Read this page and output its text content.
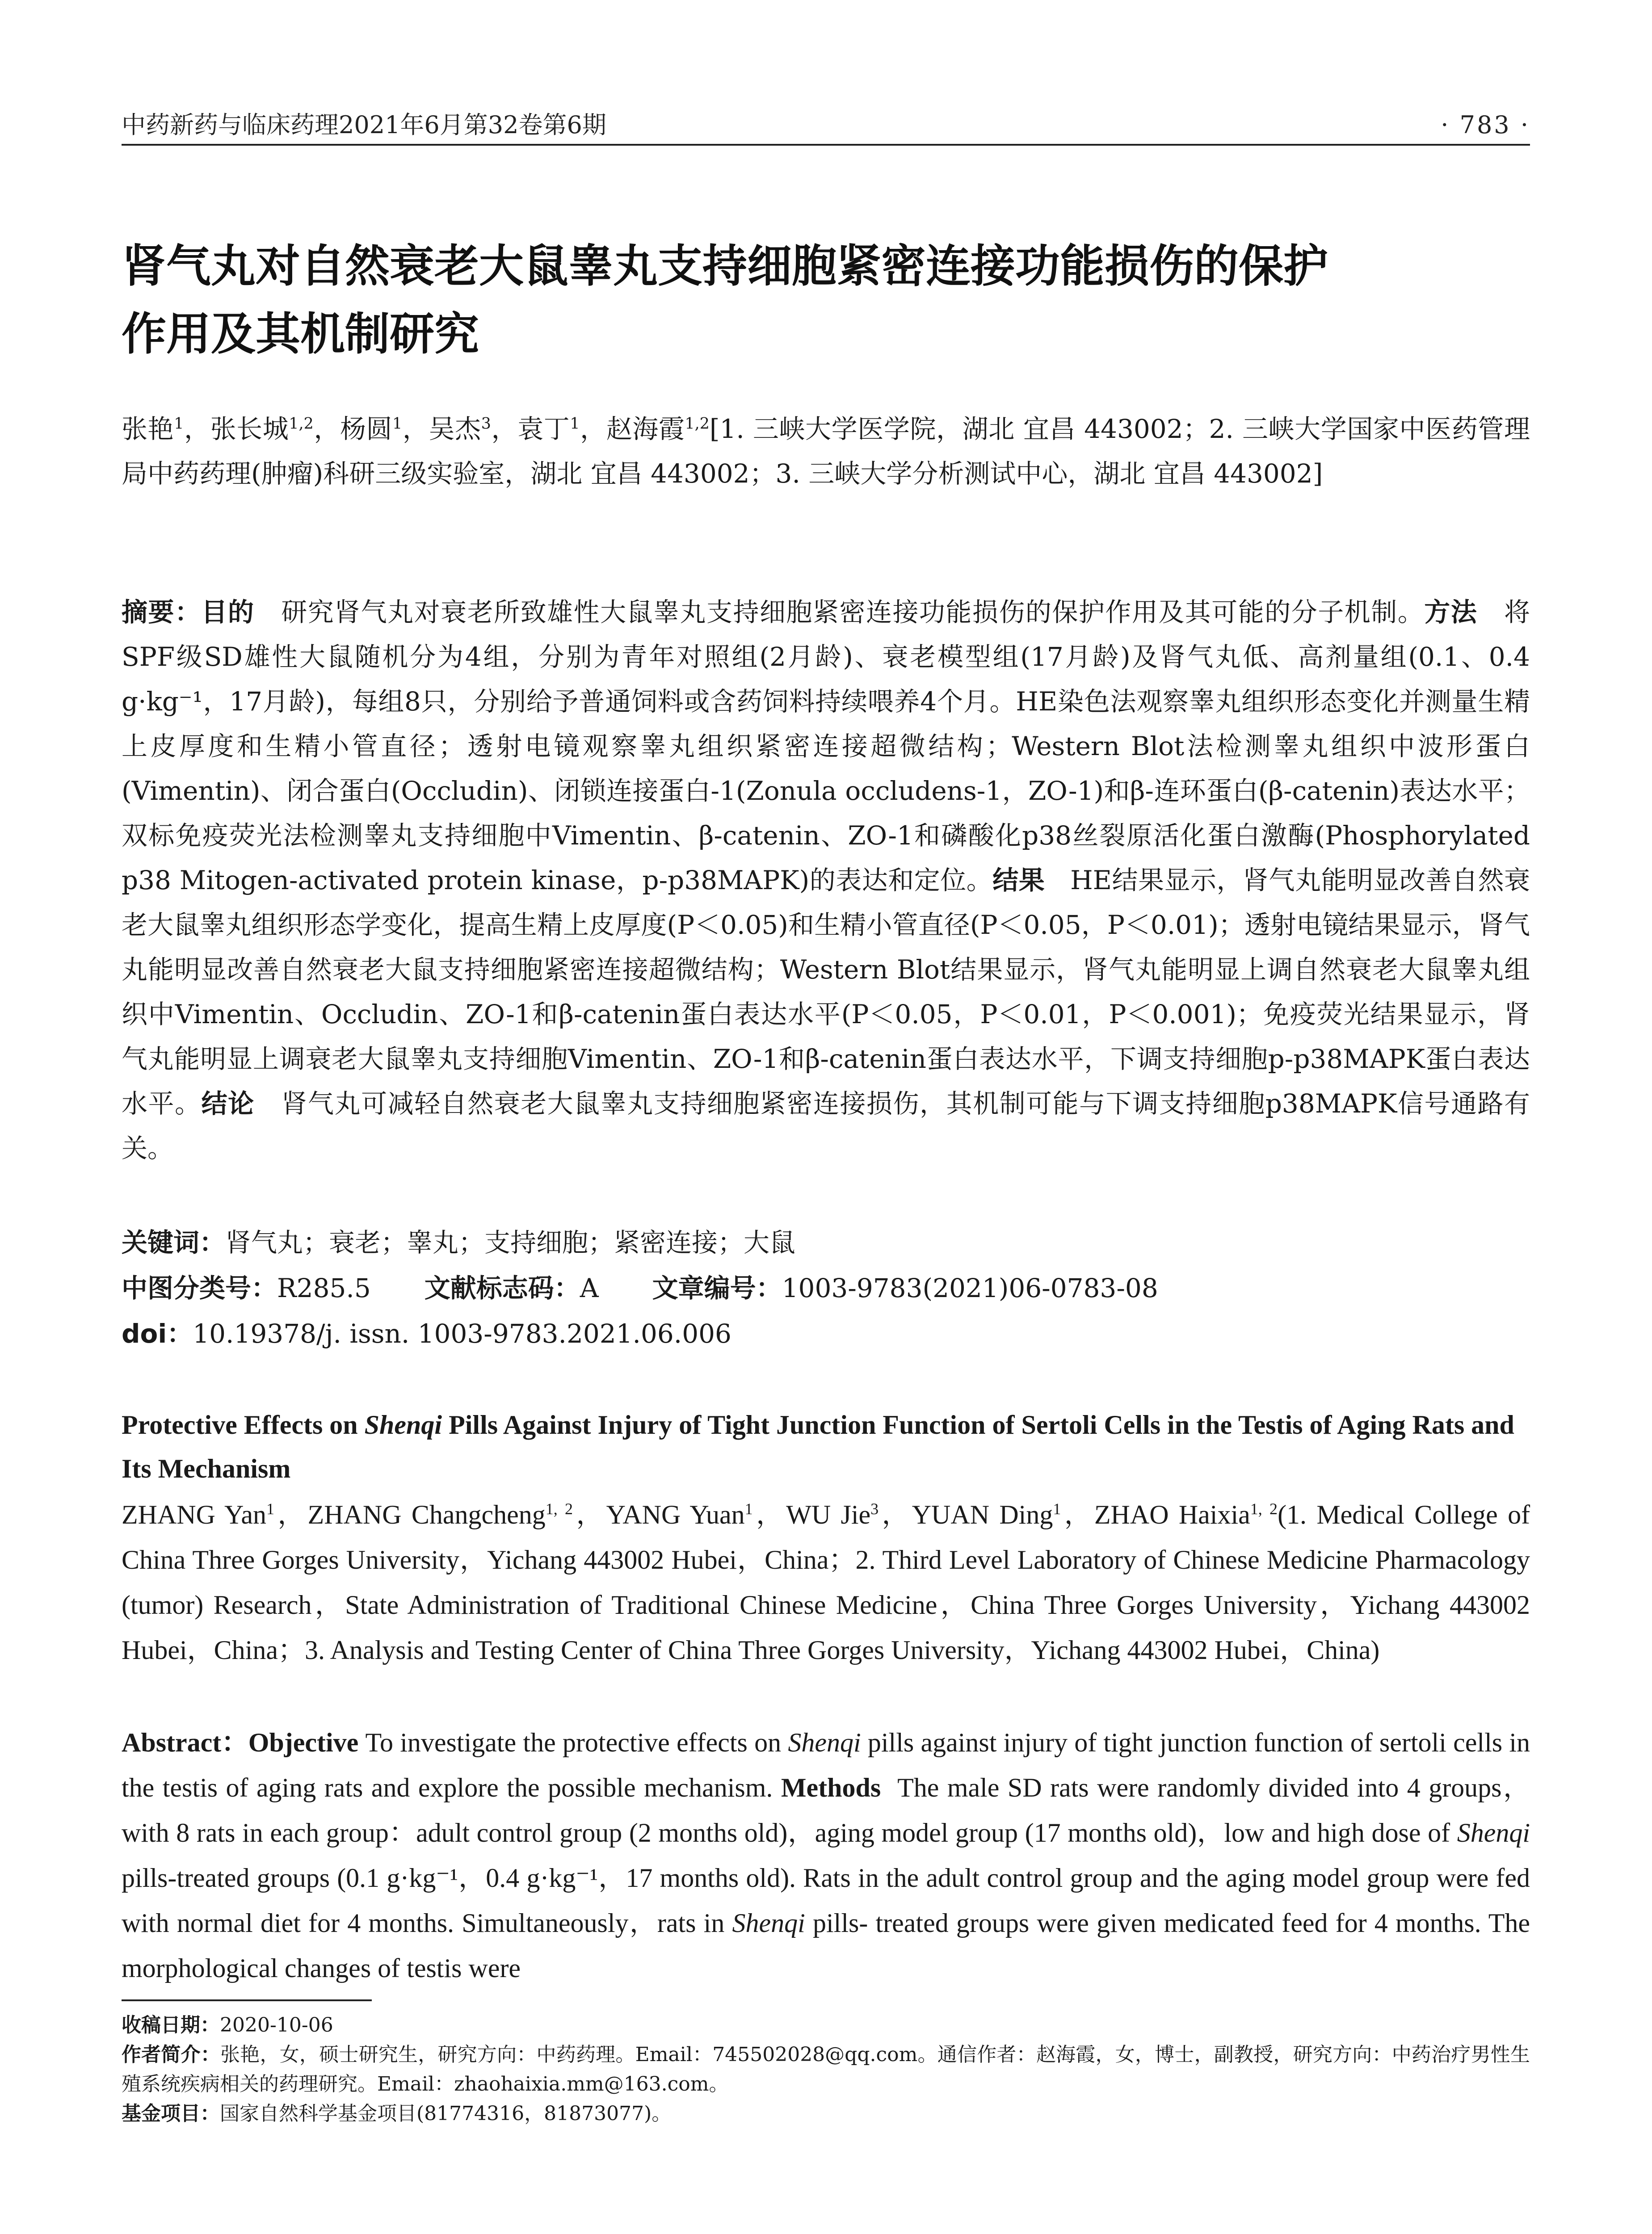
中药新药与临床药理2021年6月第32卷第6期	· 783 ·
肾气丸对自然衰老大鼠睾丸支持细胞紧密连接功能损伤的保护
作用及其机制研究
张艳$^1$，张长城$^{1,2}$，杨圆$^1$，吴杰$^3$，袁丁$^1$，赵海霞$^{1,2}$[1. 三峡大学医学院，湖北 宜昌 443002；2. 三峡大学国家中医药管理局中药药理(肿瘤)科研三级实验室，湖北 宜昌 443002；3. 三峡大学分析测试中心，湖北 宜昌 443002]

摘要：目的 研究肾气丸对衰老所致雄性大鼠睾丸支持细胞紧密连接功能损伤的保护作用及其可能的分子机制。方法 将SPF级SD雄性大鼠随机分为4组，分别为青年对照组(2月龄)、衰老模型组(17月龄)及肾气丸低、高剂量组(0.1、0.4 g·kg⁻¹，17月龄)，每组8只，分别给予普通饲料或含药饲料持续喂养4个月。HE染色法观察睾丸组织形态变化并测量生精上皮厚度和生精小管直径；透射电镜观察睾丸组织紧密连接超微结构；Western Blot法检测睾丸组织中波形蛋白(Vimentin)、闭合蛋白(Occludin)、闭锁连接蛋白-1(Zonula occludens-1，ZO-1)和β-连环蛋白(β-catenin)表达水平；双标免疫荧光法检测睾丸支持细胞中Vimentin、β-catenin、ZO-1和磷酸化p38丝裂原活化蛋白激酶(Phosphorylated p38 Mitogen-activated protein kinase，p-p38MAPK)的表达和定位。结果 HE结果显示，肾气丸能明显改善自然衰老大鼠睾丸组织形态学变化，提高生精上皮厚度(P＜0.05)和生精小管直径(P＜0.05，P＜0.01)；透射电镜结果显示，肾气丸能明显改善自然衰老大鼠支持细胞紧密连接超微结构；Western Blot结果显示，肾气丸能明显上调自然衰老大鼠睾丸组织中Vimentin、Occludin、ZO-1和β-catenin蛋白表达水平(P＜0.05，P＜0.01，P＜0.001)；免疫荧光结果显示，肾气丸能明显上调衰老大鼠睾丸支持细胞Vimentin、ZO-1和β-catenin蛋白表达水平，下调支持细胞p-p38MAPK蛋白表达水平。结论 肾气丸可减轻自然衰老大鼠睾丸支持细胞紧密连接损伤，其机制可能与下调支持细胞p38MAPK信号通路有关。

关键词：肾气丸；衰老；睾丸；支持细胞；紧密连接；大鼠

中图分类号：R285.5 文献标志码：A 文章编号：1003-9783(2021)06-0783-08

doi：10.19378/j. issn. 1003-9783.2021.06.006

Protective Effects on Shenqi Pills Against Injury of Tight Junction Function of Sertoli Cells in the Testis of Aging Rats and Its Mechanism
ZHANG Yan$^1$，ZHANG Changcheng$^{1, 2}$，YANG Yuan$^1$，WU Jie$^3$，YUAN Ding$^1$，ZHAO Haixia$^{1, 2}$(1. Medical College of China Three Gorges University，Yichang 443002 Hubei，China；2. Third Level Laboratory of Chinese Medicine Pharmacology (tumor) Research，State Administration of Traditional Chinese Medicine，China Three Gorges University，Yichang 443002 Hubei，China；3. Analysis and Testing Center of China Three Gorges University，Yichang 443002 Hubei，China)
Abstract：Objective To investigate the protective effects on Shenqi pills against injury of tight junction function of sertoli cells in the testis of aging rats and explore the possible mechanism. Methods The male SD rats were randomly divided into 4 groups，with 8 rats in each group：adult control group (2 months old)，aging model group (17 months old)，low and high dose of Shenqi pills-treated groups (0.1 g·kg⁻¹，0.4 g·kg⁻¹，17 months old). Rats in the adult control group and the aging model group were fed with normal diet for 4 months. Simultaneously，rats in Shenqi pills- treated groups were given medicated feed for 4 months. The morphological changes of testis were

收稿日期：2020-10-06

作者简介：张艳，女，硕士研究生，研究方向：中药药理。Email：745502028@qq.com。通信作者：赵海霞，女，博士，副教授，研究方向：中药治疗男性生殖系统疾病相关的药理研究。Email：zhaohaixia.mm@163.com。

基金项目：国家自然科学基金项目(81774316，81873077)。
